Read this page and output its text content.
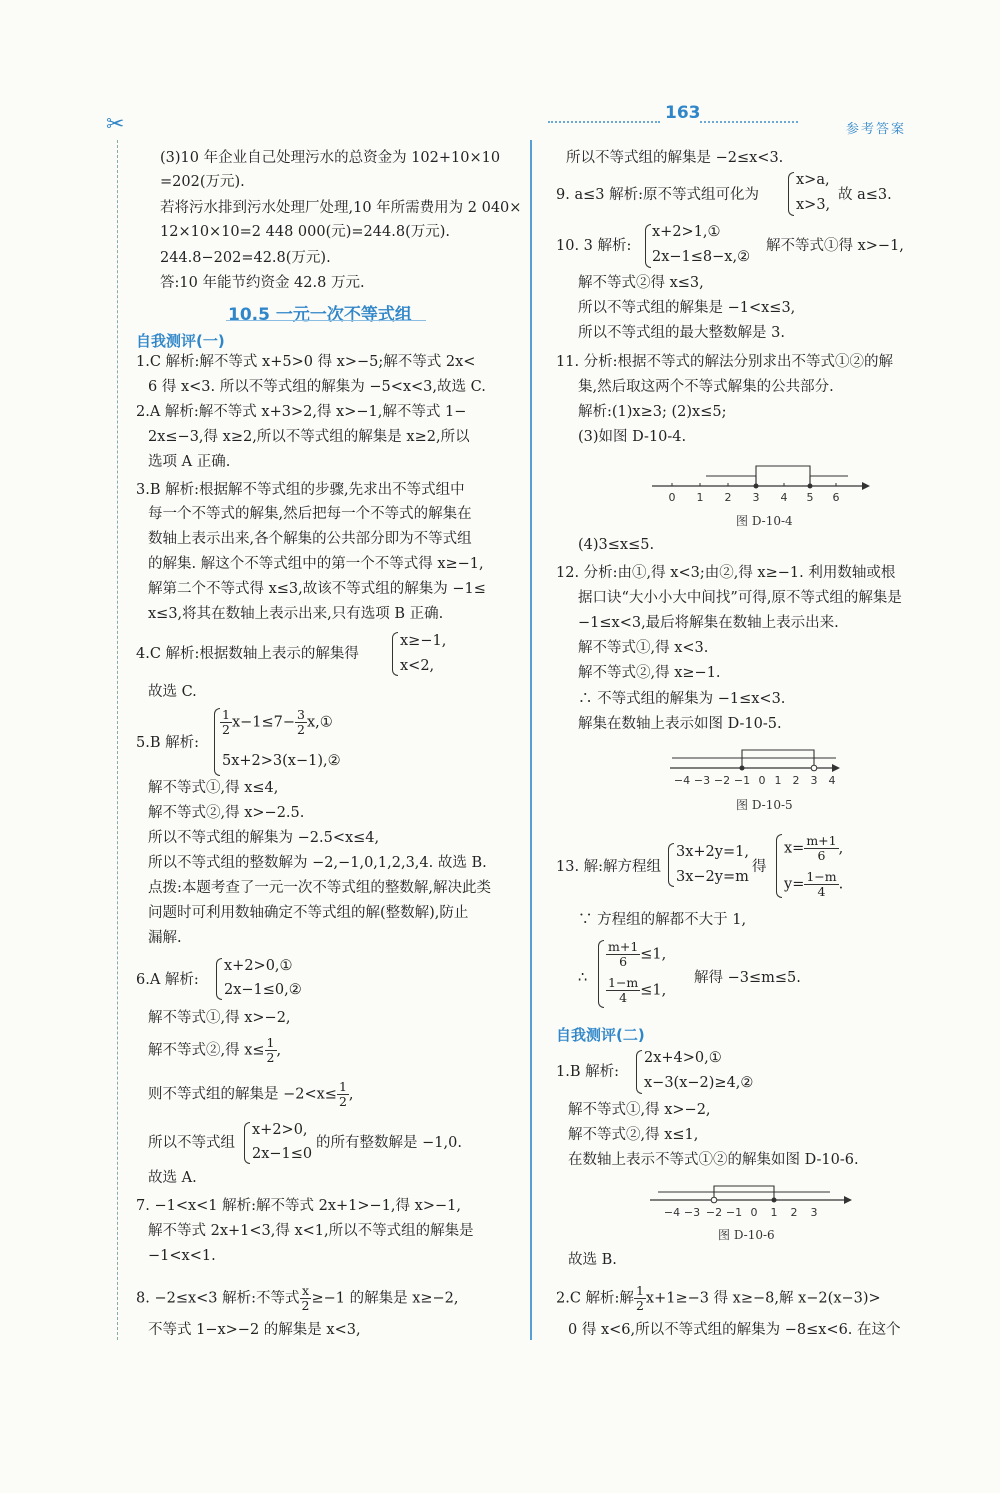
✂	163
参考答案
(3)10 年企业自己处理污水的总资金为 102+10×10
=202(万元).
若将污水排到污水处理厂处理,10 年所需费用为 2 040×
12×10×10=2 448 000(元)=244.8(万元).
244.8−202=42.8(万元).
答:10 年能节约资金 42.8 万元.
10.5 一元一次不等式组
自我测评(一)
1.C 解析:解不等式 x+5>0 得 x>−5;解不等式 2x<
6 得 x<3. 所以不等式组的解集为 −5<x<3,故选 C.
2.A 解析:解不等式 x+3>2,得 x>−1,解不等式 1−
2x≤−3,得 x≥2,所以不等式组的解集是 x≥2,所以
选项 A 正确.
3.B 解析:根据解不等式组的步骤,先求出不等式组中
每一个不等式的解集,然后把每一个不等式的解集在
数轴上表示出来,各个解集的公共部分即为不等式组
的解集. 解这个不等式组中的第一个不等式得 x≥−1,
解第二个不等式得 x≤3,故该不等式组的解集为 −1≤
x≤3,将其在数轴上表示出来,只有选项 B 正确.
4.C 解析:根据数轴上表示的解集得
x≥−1,
x<2,
故选 C.
5.B 解析:
$\frac{1}{2} x-1\le 7- \frac{3}{2}$ x,①
5x+2>3(x−1),②
解不等式①,得 x≤4,
解不等式②,得 x>−2.5.
所以不等式组的解集为 −2.5<x≤4,
所以不等式组的整数解为 −2,−1,0,1,2,3,4. 故选 B.
点拨:本题考查了一元一次不等式组的整数解,解决此类
问题时可利用数轴确定不等式组的解(整数解),防止
漏解.
6.A 解析:
x+2>0,①
2x−1≤0,②
解不等式①,得 x>−2,
解不等式②,得 $x\le \frac{1}{2}$ ,
则不等式组的解集是 $-2<x\le \frac{1}{2}$ ,
所以不等式组
x+2>0,
2x−1≤0
的所有整数解是 −1,0.
故选 A.
7. −1<x<1 解析:解不等式 2x+1>−1,得 x>−1,
解不等式 2x+1<3,得 x<1,所以不等式组的解集是
−1<x<1.
8. −2≤x<3 解析:不等式 $\frac{x}{2} \ge-1$ 的解集是 x≥−2,
不等式 1−x>−2 的解集是 x<3,
所以不等式组的解集是 −2≤x<3.
9. a≤3 解析:原不等式组可化为
x>a,
x>3,
故 a≤3.
10. 3 解析:
x+2>1,①
2x−1≤8−x,②
解不等式①得 x>−1,
解不等式②得 x≤3,
所以不等式组的解集是 −1<x≤3,
所以不等式组的最大整数解是 3.
11. 分析:根据不等式的解法分别求出不等式①②的解
集,然后取这两个不等式解集的公共部分.
解析:(1)x≥3; (2)x≤5;
(3)如图 D-10-4.
0 1 2 3 4 5 6
图 D-10-4
(4)3≤x≤5.
12. 分析:由①,得 x<3;由②,得 x≥−1. 利用数轴或根
据口诀“大小小大中间找”可得,原不等式组的解集是
−1≤x<3,最后将解集在数轴上表示出来.
解不等式①,得 x<3.
解不等式②,得 x≥−1.
∴ 不等式组的解集为 −1≤x<3.
解集在数轴上表示如图 D-10-5.
−4 −3 −2 −1 0 1 2 3 4
图 D-10-5
13. 解:解方程组
3x+2y=1,
3x−2y=m
得
$x= \frac{m+1}{6}$ ,
$y= \frac{1-m}{4}$ .
∵ 方程组的解都不大于 1,
∴
$\frac{m+1}{6} \le 1$,
$\frac{1-m}{4} \le 1$,
解得 −3≤m≤5.
自我测评(二)
1.B 解析:
2x+4>0,①
x−3(x−2)≥4,②
解不等式①,得 x>−2,
解不等式②,得 x≤1,
在数轴上表示不等式①②的解集如图 D-10-6.
−4 −3 −2 −1 0 1 2 3
图 D-10-6
故选 B.
2.C 解析:解 $\frac{1}{2} x+1\ge-3$ 得 x≥−8,解 x−2(x−3)>
0 得 x<6,所以不等式组的解集为 −8≤x<6. 在这个
